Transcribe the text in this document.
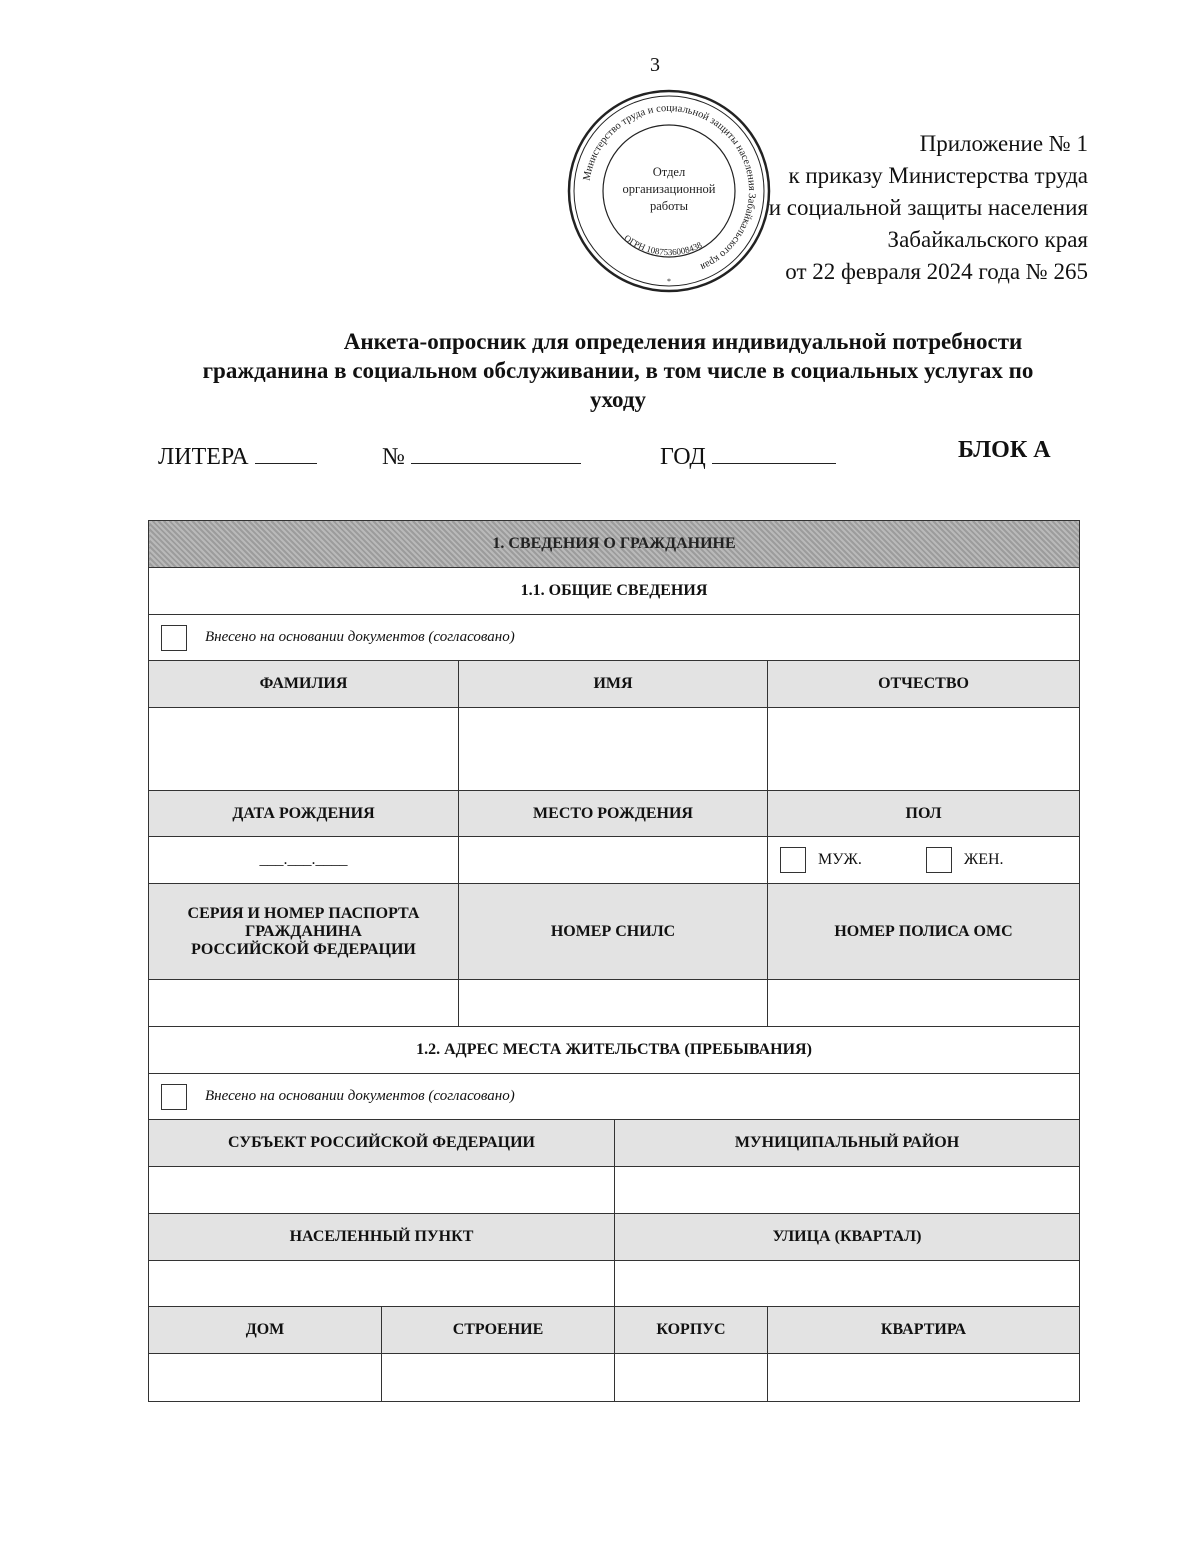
3
Министерство труда и социальной защиты населения Забайкальского края
ОГРН 1087536008438
Отдел
организационной
работы
*
Приложение № 1
к приказу Министерства труда
и социальной защиты населения
Забайкальского края
от 22 февраля 2024 года № 265
Анкета-опросник для определения индивидуальной потребности
гражданина в социальном обслуживании, в том числе в социальных услугах по
уходу
ЛИТЕРА	№	ГОД	БЛОК А
1. СВЕДЕНИЯ О ГРАЖДАНИНЕ				
1.1. ОБЩИЕ СВЕДЕНИЯ				
Внесено на основании документов (согласовано)				
ФАМИЛИЯ		ИМЯ		ОТЧЕСТВО

ДАТА РОЖДЕНИЯ		МЕСТО РОЖДЕНИЯ		ПОЛ
___.___.____				МУЖ. ЖЕН.

СЕРИЯ И НОМЕР ПАСПОРТА
ГРАЖДАНИНА
РОССИЙСКОЙ ФЕДЕРАЦИИ		НОМЕР СНИЛС		НОМЕР ПОЛИСА ОМС

1.2. АДРЕС МЕСТА ЖИТЕЛЬСТВА (ПРЕБЫВАНИЯ)				
Внесено на основании документов (согласовано)				
СУБЪЕКТ РОССИЙСКОЙ ФЕДЕРАЦИИ			МУНИЦИПАЛЬНЫЙ РАЙОН	

НАСЕЛЕННЫЙ ПУНКТ			УЛИЦА (КВАРТАЛ)	

ДОМ	СТРОЕНИЕ		КОРПУС	КВАРТИРА
